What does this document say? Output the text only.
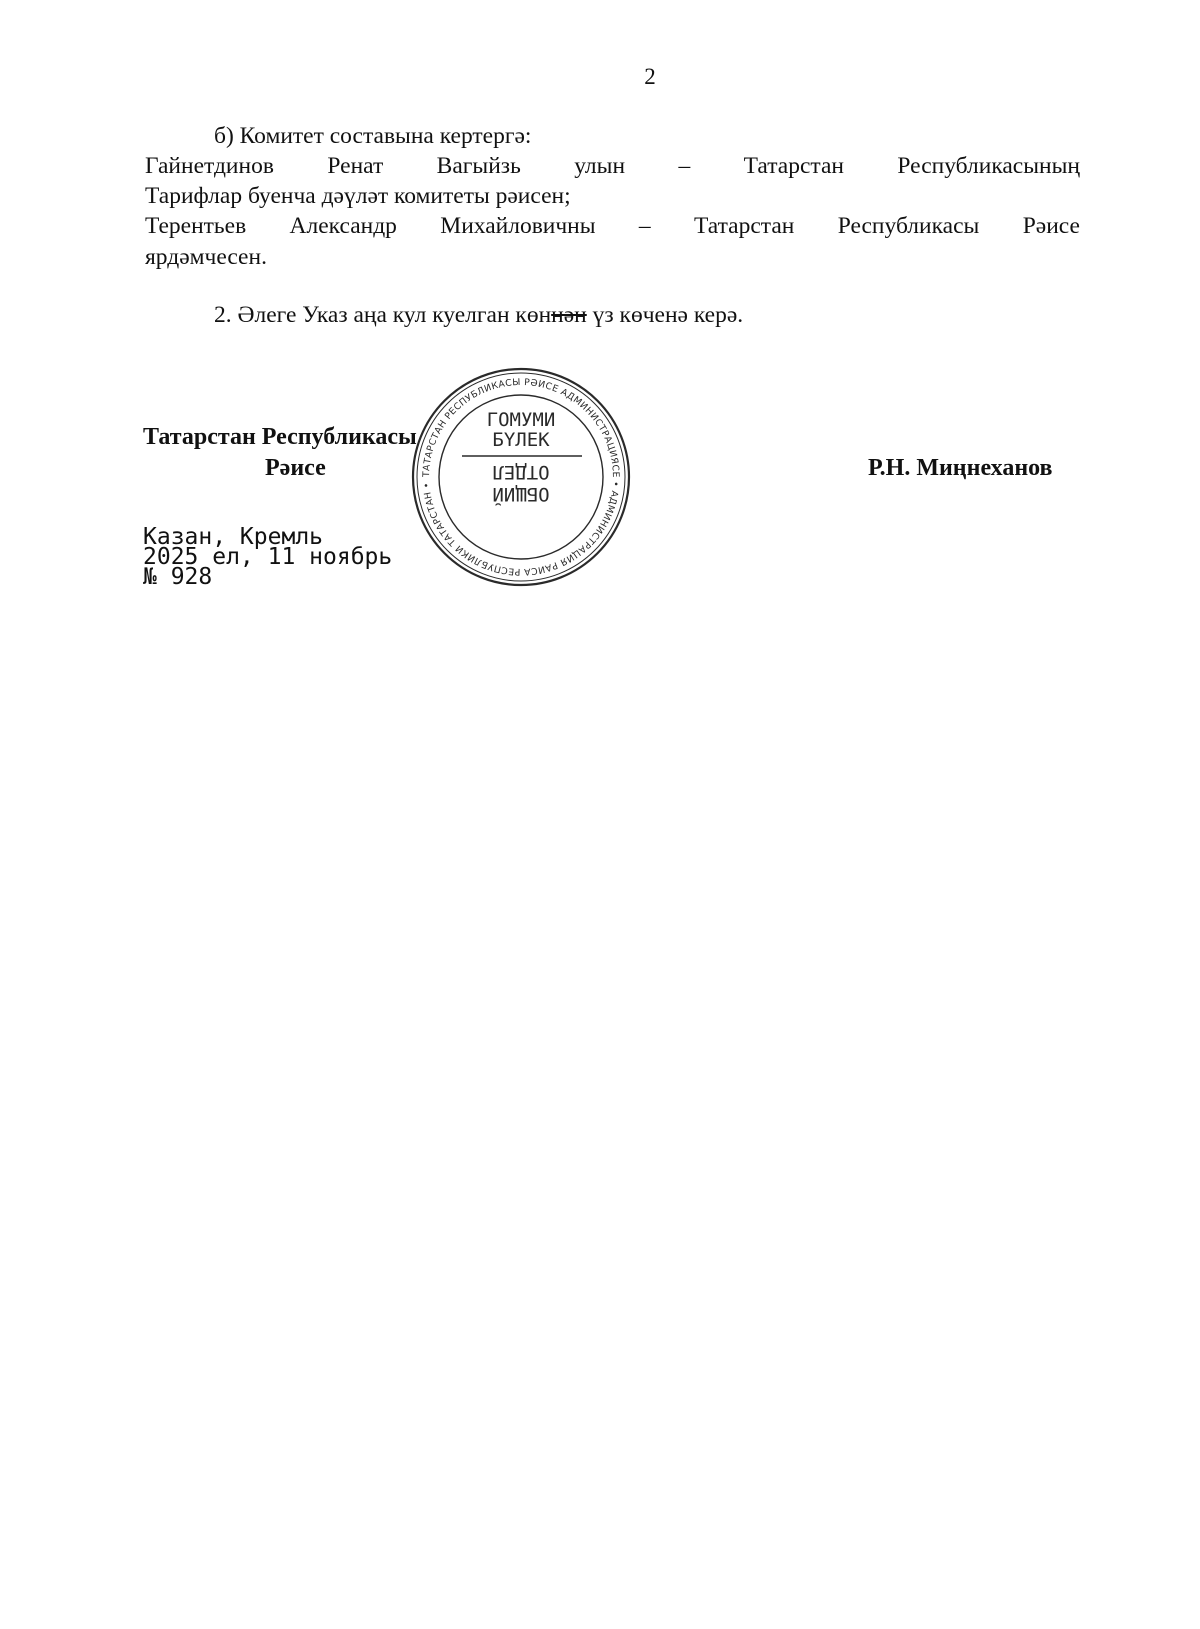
2
б) Комитет составына кертергә:
Гайнетдинов Ренат Вагыйзь улын – Татарстан Республикасының
Тарифлар буенча дәүләт комитеты рәисен;
Терентьев Александр Михайловичны – Татарстан Республикасы Рәисе
ярдәмчесен.
2. Әлеге Указ аңа кул куелган көннән үз көченә керә.
Татарстан Республикасы
Рәисе	Р.Н. Миңнеханов
ТАТАРСТАН РЕСПУБЛИКАСЫ РӘИСЕ АДМИНИСТРАЦИЯСЕ • АДМИНИСТРАЦИЯ РАИСА РЕСПУБЛИКИ ТАТАРСТАН •
ГОМУМИ
БҮЛЕК
ОТДЕЛ
ОБЩИЙ
Казан, Кремль
2025 ел, 11 ноябрь
№ 928
